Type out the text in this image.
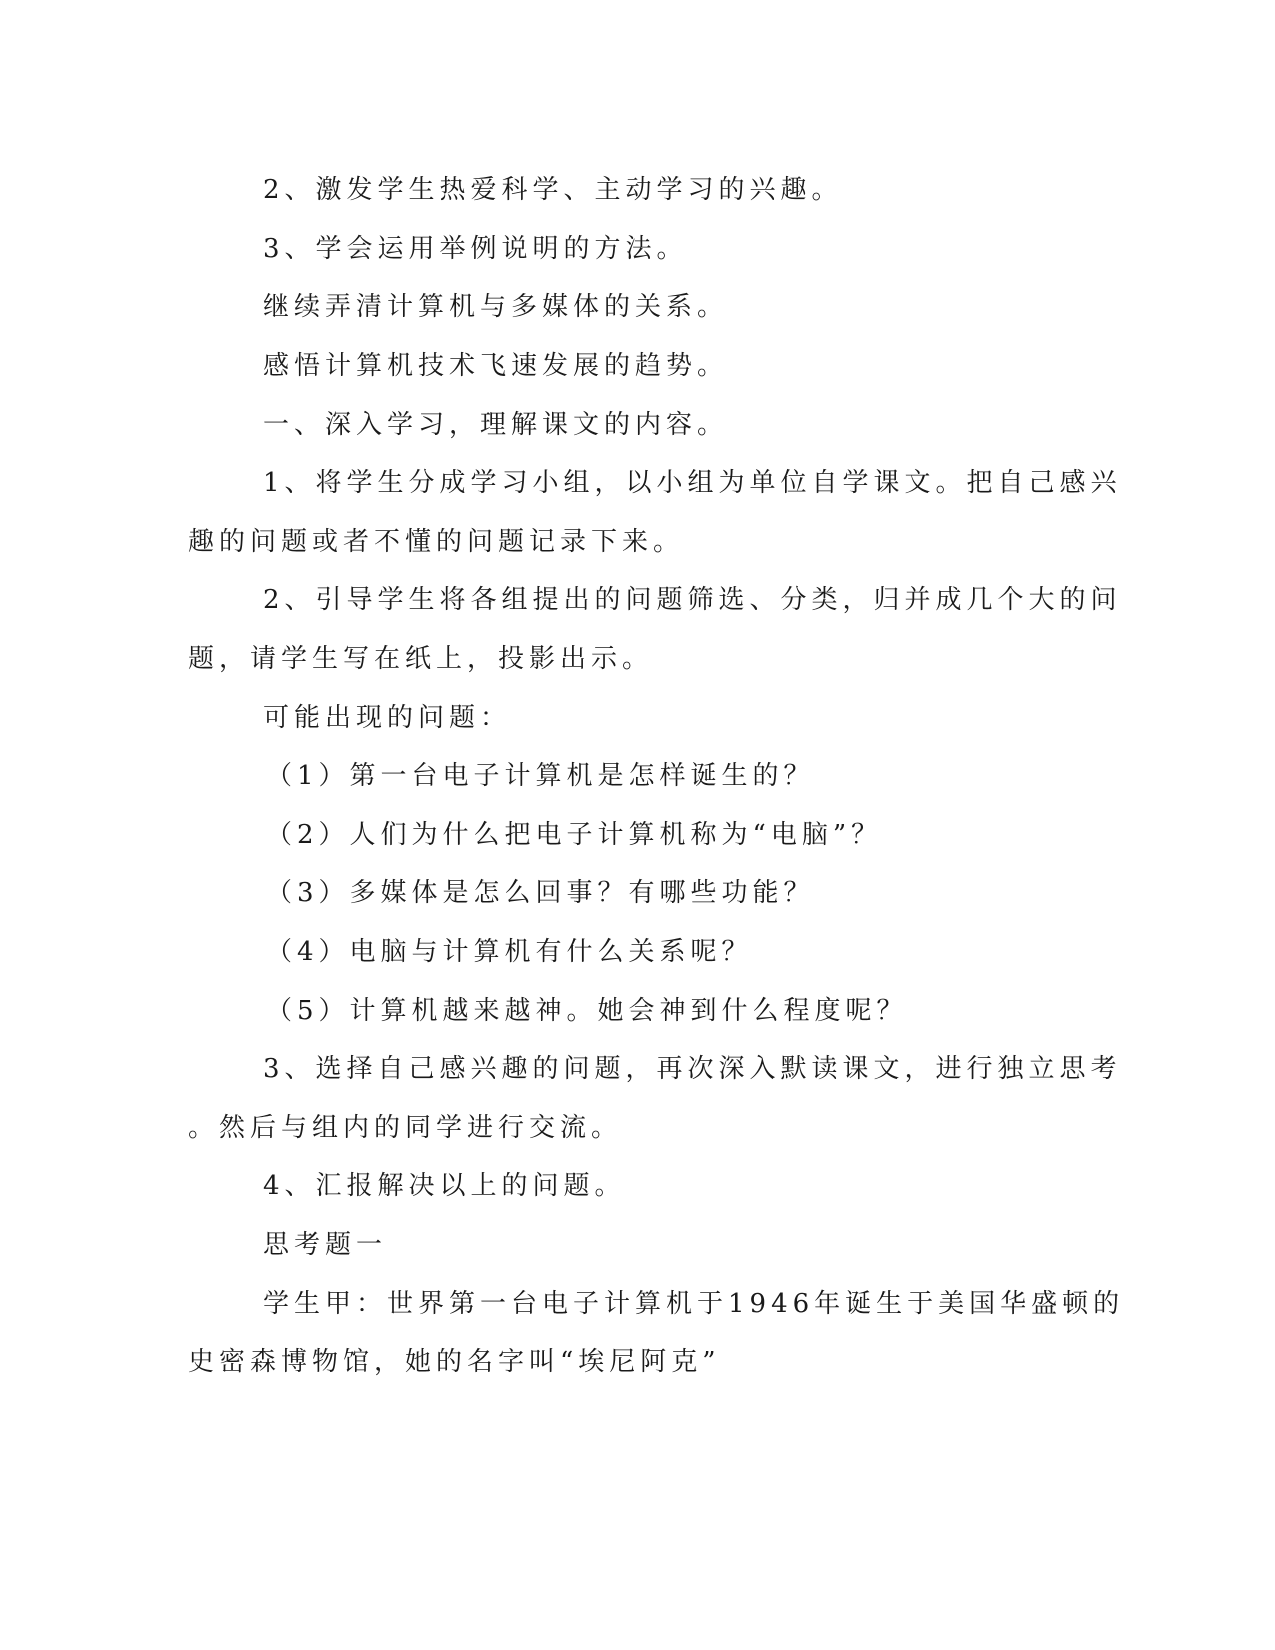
2、激发学生热爱科学、主动学习的兴趣。
3、学会运用举例说明的方法。
继续弄清计算机与多媒体的关系。
感悟计算机技术飞速发展的趋势。
一、深入学习，理解课文的内容。
1、将学生分成学习小组，以小组为单位自学课文。把自己感兴
趣的问题或者不懂的问题记录下来。
2、引导学生将各组提出的问题筛选、分类，归并成几个大的问
题，请学生写在纸上，投影出示。
可能出现的问题：
（1）第一台电子计算机是怎样诞生的？
（2）人们为什么把电子计算机称为“电脑”？
（3）多媒体是怎么回事？有哪些功能？
（4）电脑与计算机有什么关系呢？
（5）计算机越来越神。她会神到什么程度呢？
3、选择自己感兴趣的问题，再次深入默读课文，进行独立思考
。然后与组内的同学进行交流。
4、汇报解决以上的问题。
思考题一
学生甲：世界第一台电子计算机于1946年诞生于美国华盛顿的
史密森博物馆，她的名字叫“埃尼阿克”
